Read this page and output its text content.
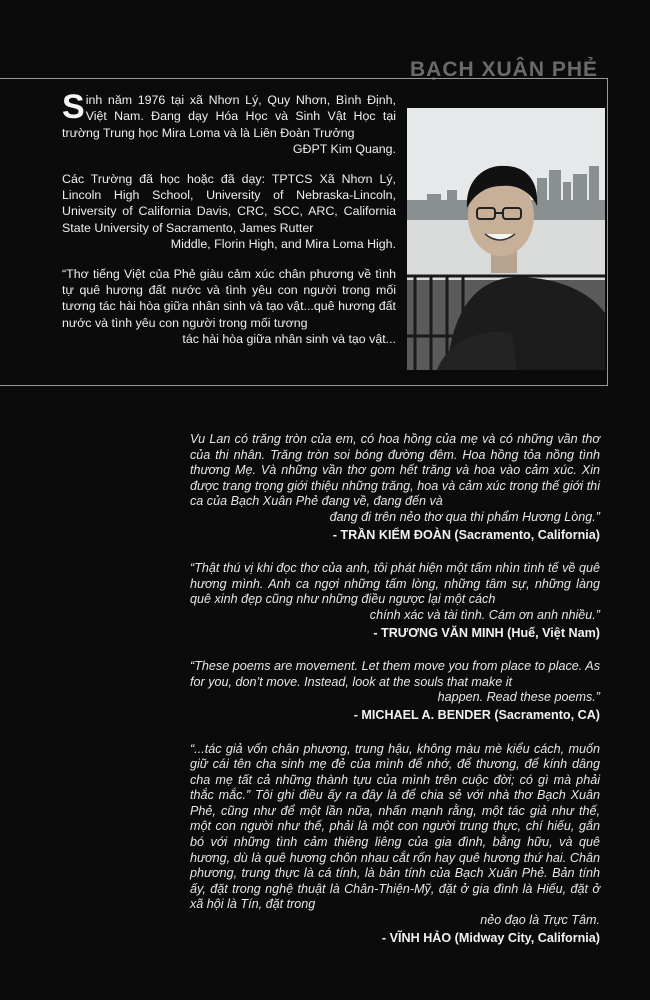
BẠCH XUÂN PHẺ

Sinh năm 1976 tại xã Nhơn Lý, Quy Nhơn, Bình Định, Việt Nam. Đang dạy Hóa Học và Sinh Vật Học tại trường Trung học Mira Loma và là Liên Đoàn Trưởng
GĐPT Kim Quang.

Các Trường đã học hoặc đã dạy: TPTCS Xã Nhơn Lý, Lincoln High School, University of Nebraska-Lincoln, University of California Davis, CRC, SCC, ARC, California State University of Sacramento, James Rutter
Middle, Florin High, and Mira Loma High.

“Thơ tiếng Việt của Phẻ giàu cảm xúc chân phương về tình tự quê hương đất nước và tình yêu con người trong mối tương tác hài hòa giữa nhân sinh và tạo vật...quê hương đất nước và tình yêu con người trong mối tương
tác hài hòa giữa nhân sinh và tạo vật...

Vu Lan có trăng tròn của em, có hoa hồng của mẹ và có những vần thơ của thi nhân. Trăng tròn soi bóng đường đêm. Hoa hồng tỏa nồng tình thương Mẹ. Và những vần thơ gom hết trăng và hoa vào cảm xúc. Xin được trang trọng giới thiệu những trăng, hoa và cảm xúc trong thế giới thi ca của Bạch Xuân Phẻ đang về, đang đến và
đang đi trên nẻo thơ qua thi phẩm Hương Lòng.”

- TRẦN KIỂM ĐOÀN (Sacramento, California)

“Thật thú vị khi đọc thơ của anh, tôi phát hiện một tấm nhìn tình tế về quê hương mình. Anh ca ngợi những tấm lòng, những tâm sự, những làng quê xinh đẹp cũng như những điều ngược lại một cách
chính xác và tài tình. Cám ơn anh nhiều.”

- TRƯƠNG VĂN MINH (Huế, Việt Nam)

“These poems are movement. Let them move you from place to place. As for you, don’t move. Instead, look at the souls that make it
happen. Read these poems.”

- MICHAEL A. BENDER (Sacramento, CA)

“...tác giả vốn chân phương, trung hậu, không màu mè kiểu cách, muốn giữ cái tên cha sinh mẹ đẻ của mình để nhớ, để thương, để kính dâng cha mẹ tất cả những thành tựu của mình trên cuộc đời; có gì mà phải thắc mắc.” Tôi ghi điều ấy ra đây là để chia sẻ với nhà thơ Bạch Xuân Phẻ, cũng như để một lần nữa, nhấn mạnh rằng, một tác giả như thế, một con người như thế, phải là một con người trung thực, chí hiếu, gắn bó với những tình cảm thiêng liêng của gia đình, bằng hữu, và quê hương, dù là quê hương chôn nhau cắt rốn hay quê hương thứ hai. Chân phương, trung thực là cá tính, là bản tính của Bạch Xuân Phẻ. Bản tính ấy, đặt trong nghệ thuật là Chân-Thiện-Mỹ, đặt ở gia đình là Hiếu, đặt ở xã hội là Tín, đặt trong
nẻo đạo là Trực Tâm.

- VĨNH HẢO (Midway City, California)
